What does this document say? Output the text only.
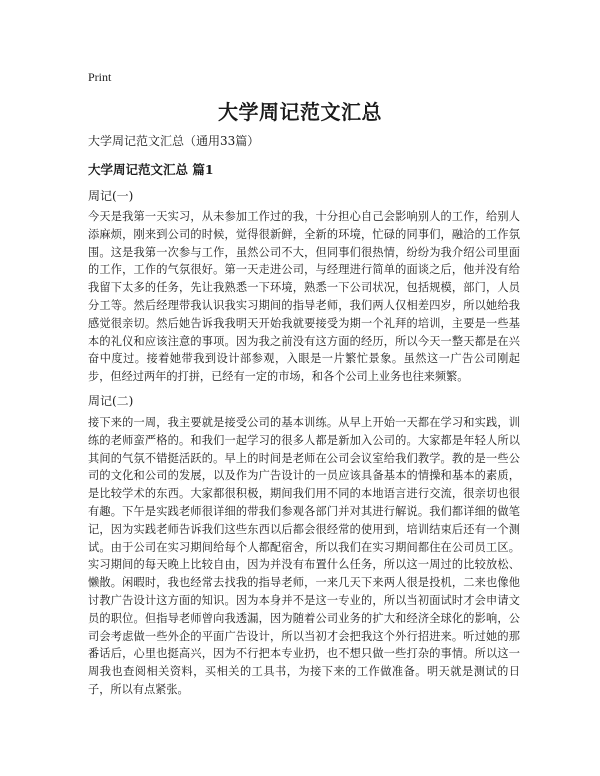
Print
大学周记范文汇总
大学周记范文汇总（通用33篇）
大学周记范文汇总 篇1
周记(一)

今天是我第一天实习，从未参加工作过的我，十分担心自己会影响别人的工作，给别人添麻烦，刚来到公司的时候，觉得很新鲜，全新的环境，忙碌的同事们，融洽的工作氛围。这是我第一次参与工作，虽然公司不大，但同事们很热情，纷纷为我介绍公司里面的工作，工作的气氛很好。第一天走进公司，与经理进行简单的面谈之后，他并没有给我留下太多的任务，先让我熟悉一下环境，熟悉一下公司状况，包括规模，部门，人员分工等。然后经理带我认识我实习期间的指导老师，我们两人仅相差四岁，所以她给我感觉很亲切。然后她告诉我我明天开始我就要接受为期一个礼拜的培训，主要是一些基本的礼仪和应该注意的事项。因为我之前没有这方面的经历，所以今天一整天都是在兴奋中度过。接着她带我到设计部参观，入眼是一片繁忙景象。虽然这一广告公司刚起步，但经过两年的打拼，已经有一定的市场，和各个公司上业务也往来频繁。

周记(二)

接下来的一周，我主要就是接受公司的基本训练。从早上开始一天都在学习和实践，训练的老师蛮严格的。和我们一起学习的很多人都是新加入公司的。大家都是年轻人所以其间的气氛不错挺活跃的。早上的时间是老师在公司会议室给我们教学。教的是一些公司的文化和公司的发展，以及作为广告设计的一员应该具备基本的情操和基本的素质，是比较学术的东西。大家都很积极，期间我们用不同的本地语言进行交流，很亲切也很有趣。下午是实践老师很详细的带我们参观各部门并对其进行解说。我们都详细的做笔记，因为实践老师告诉我们这些东西以后都会很经常的使用到，培训结束后还有一个测试。由于公司在实习期间给每个人都配宿舍，所以我们在实习期间都住在公司员工区。实习期间的每天晚上比较自由，因为并没有布置什么任务，所以这一周过的比较放松、懒散。闲暇时，我也经常去找我的指导老师，一来几天下来两人很是投机，二来也像他讨教广告设计这方面的知识。因为本身并不是这一专业的，所以当初面试时才会申请文员的职位。但指导老师曾向我透漏，因为随着公司业务的扩大和经济全球化的影响，公司会考虑做一些外企的平面广告设计，所以当初才会把我这个外行招进来。听过她的那番话后，心里也挺高兴，因为不行把本专业扔，也不想只做一些打杂的事情。所以这一周我也查阅相关资料，买相关的工具书，为接下来的工作做准备。明天就是测试的日子，所以有点紧张。
